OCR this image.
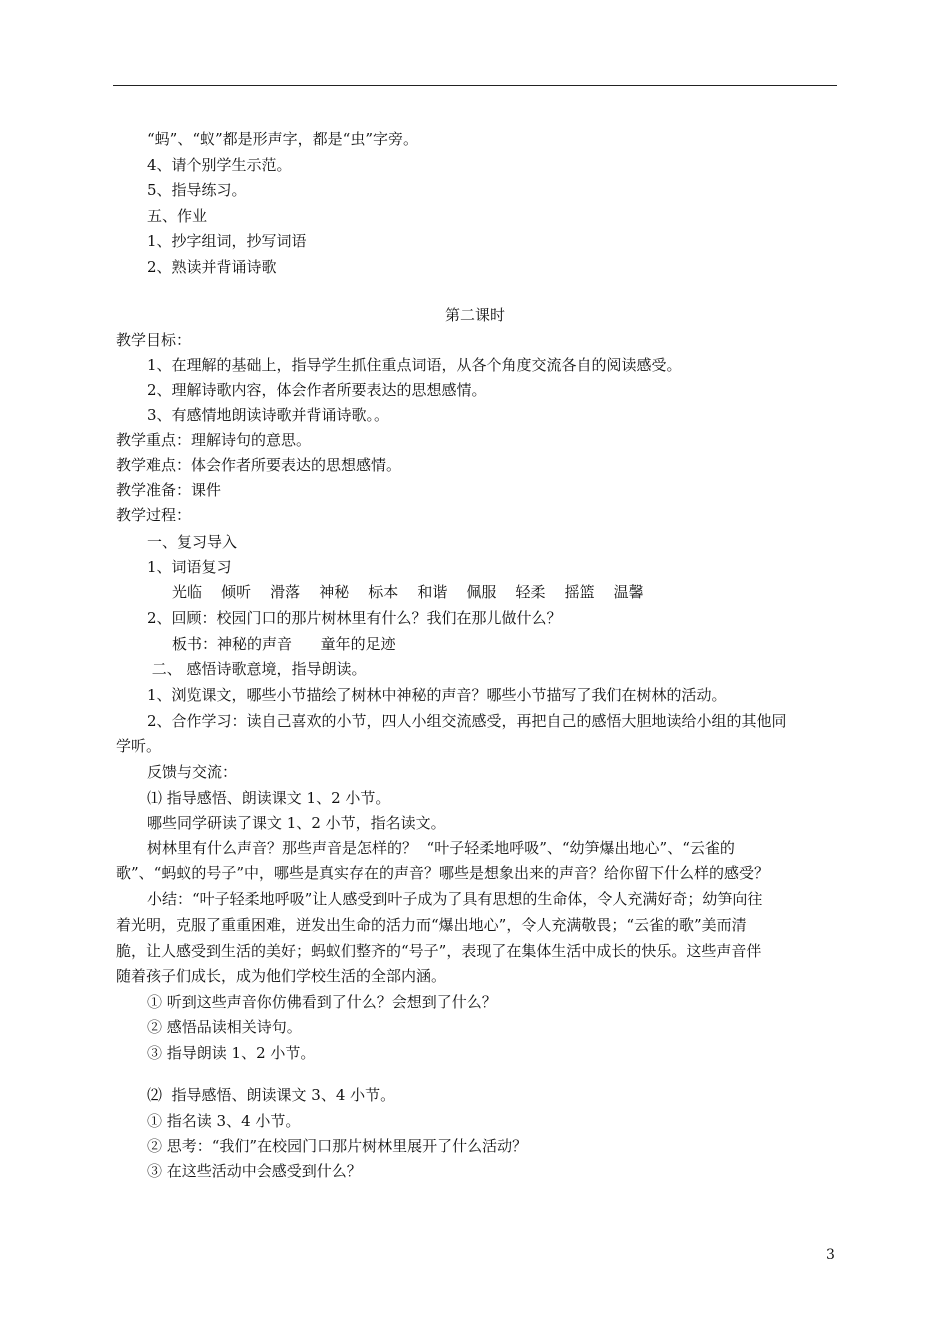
“蚂”、“蚁”都是形声字，都是“虫”字旁。
4、请个别学生示范。
5、指导练习。
五、作业
1、抄字组词，抄写词语
2、熟读并背诵诗歌
第二课时
教学目标：
1、在理解的基础上，指导学生抓住重点词语，从各个角度交流各自的阅读感受。
2、理解诗歌内容，体会作者所要表达的思想感情。
3、有感情地朗读诗歌并背诵诗歌。。
教学重点：理解诗句的意思。
教学难点：体会作者所要表达的思想感情。
教学准备：课件
教学过程：
一、复习导入
1、词语复习
光临    倾听    滑落    神秘    标本    和谐    佩服    轻柔    摇篮    温馨
2、回顾：校园门口的那片树林里有什么？我们在那儿做什么？
板书：神秘的声音      童年的足迹
二、 感悟诗歌意境，指导朗读。
1、浏览课文，哪些小节描绘了树林中神秘的声音？哪些小节描写了我们在树林的活动。
2、合作学习：读自己喜欢的小节，四人小组交流感受，再把自己的感悟大胆地读给小组的其他同
学听。
反馈与交流：
⑴ 指导感悟、朗读课文 1、2 小节。
哪些同学研读了课文 1、2 小节，指名读文。
树林里有什么声音？那些声音是怎样的？  “叶子轻柔地呼吸”、“幼笋爆出地心”、“云雀的
歌”、“蚂蚁的号子”中，哪些是真实存在的声音？哪些是想象出来的声音？给你留下什么样的感受？
小结：“叶子轻柔地呼吸”让人感受到叶子成为了具有思想的生命体，令人充满好奇；幼笋向往
着光明，克服了重重困难，迸发出生命的活力而“爆出地心”，令人充满敬畏；“云雀的歌”美而清
脆，让人感受到生活的美好；蚂蚁们整齐的“号子”，表现了在集体生活中成长的快乐。这些声音伴
随着孩子们成长，成为他们学校生活的全部内涵。
① 听到这些声音你仿佛看到了什么？会想到了什么？
② 感悟品读相关诗句。
③ 指导朗读 1、2 小节。
⑵  指导感悟、朗读课文 3、4 小节。
① 指名读 3、4 小节。
② 思考：“我们”在校园门口那片树林里展开了什么活动？
③ 在这些活动中会感受到什么？
3
